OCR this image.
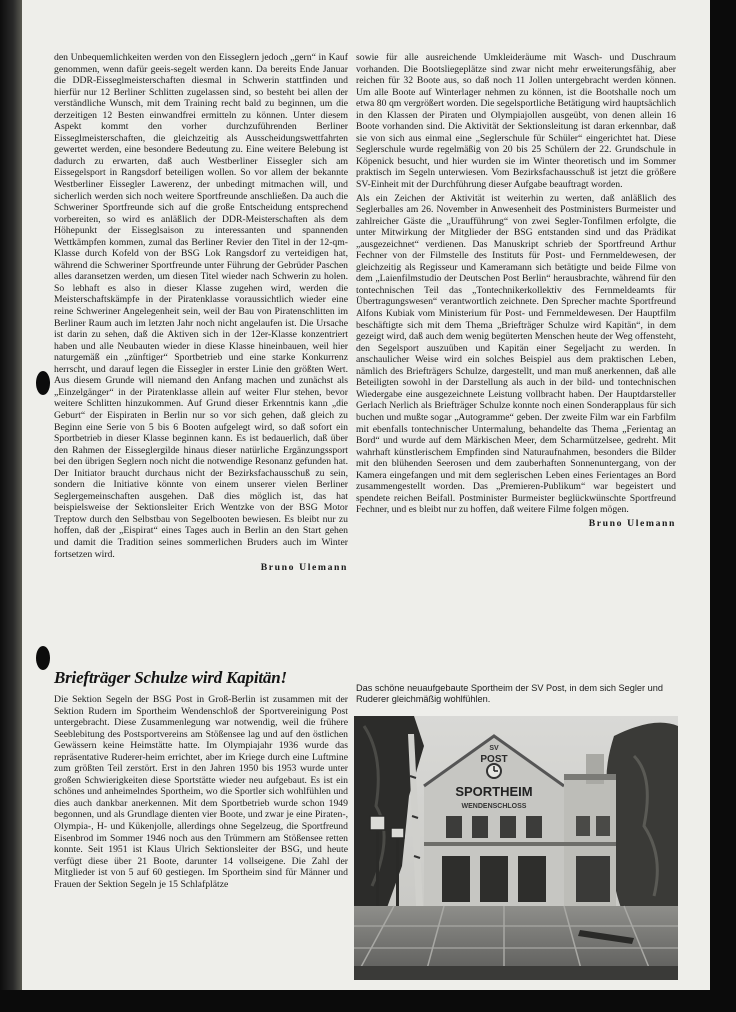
den Unbequemlichkeiten werden von den Eisseglern jedoch „gern“ in Kauf genommen, wenn dafür geeis-segelt werden kann. Da bereits Ende Januar die DDR-Eisseglmeisterschaften diesmal in Schwerin stattfinden und hierfür nur 12 Berliner Schlitten zugelassen sind, so besteht bei allen der verständliche Wunsch, mit dem Training recht bald zu beginnen, um die derzeitigen 12 Besten einwandfrei ermitteln zu können. Unter diesem Aspekt kommt den vorher durchzuführenden Berliner Eisseglmeisterschaften, die gleichzeitig als Ausscheidungswettfahrten gewertet werden, eine besondere Bedeutung zu. Eine weitere Belebung ist dadurch zu erwarten, daß auch Westberliner Eissegler sich am Eissegelsport in Rangsdorf beteiligen wollen. So vor allem der bekannte Westberliner Eissegler Lawerenz, der unbedingt mitmachen will, und sicherlich werden sich noch weitere Sportfreunde anschließen. Da auch die Schweriner Sportfreunde sich auf die große Entscheidung entsprechend vorbereiten, so wird es anläßlich der DDR-Meisterschaften als dem Höhepunkt der Eisseglsaison zu interessanten und spannenden Wettkämpfen kommen, zumal das Berliner Revier den Titel in der 12-qm-Klasse durch Kofeld von der BSG Lok Rangsdorf zu verteidigen hat, während die Schweriner Sportfreunde unter Führung der Gebrüder Paschen alles daransetzen werden, um diesen Titel wieder nach Schwerin zu holen. So lebhaft es also in dieser Klasse zugehen wird, werden die Meisterschaftskämpfe in der Piratenklasse voraussichtlich wieder eine reine Schweriner Angelegenheit sein, weil der Bau von Piratenschlitten im Berliner Raum auch im letzten Jahr noch nicht angelaufen ist. Die Ursache ist darin zu sehen, daß die Aktiven sich in der 12er-Klasse konzentriert haben und alle Neubauten wieder in diese Klasse hineinbauen, weil hier naturgemäß ein „zünftiger“ Sportbetrieb und eine starke Konkurrenz herrscht, und darauf legen die Eissegler in erster Linie den größten Wert. Aus diesem Grunde will niemand den Anfang machen und zunächst als „Einzelgänger“ in der Piratenklasse allein auf weiter Flur stehen, bevor weitere Schlitten hinzukommen. Auf Grund dieser Erkenntnis kann „die Geburt“ der Eispiraten in Berlin nur so vor sich gehen, daß gleich zu Beginn eine Serie von 5 bis 6 Booten aufgelegt wird, so daß sofort ein Sportbetrieb in dieser Klasse beginnen kann. Es ist bedauerlich, daß über den Rahmen der Eisseglergilde hinaus dieser natürliche Ergänzungssport bei den übrigen Seglern noch nicht die notwendige Resonanz gefunden hat. Der Initiator braucht durchaus nicht der Bezirksfachausschuß zu sein, sondern die Initiative könnte von einem unserer vielen Berliner Seglergemeinschaften ausgehen. Daß dies möglich ist, das hat beispielsweise der Sektionsleiter Erich Wentzke von der BSG Motor Treptow durch den Selbstbau von Segelbooten bewiesen. Es bleibt nur zu hoffen, daß der „Eispirat“ eines Tages auch in Berlin an den Start gehen und damit die Tradition seines sommerlichen Bruders auch im Winter fortsetzen wird.

Bruno Ulemann
Briefträger Schulze wird Kapitän!

Die Sektion Segeln der BSG Post in Groß-Berlin ist zusammen mit der Sektion Rudern im Sportheim Wendenschloß der Sportvereinigung Post untergebracht. Diese Zusammenlegung war notwendig, weil die frühere Seeblebitung des Postsportvereins am Stößensee lag und auf den östlichen Gewässern keine Heimstätte hatte. Im Olympiajahr 1936 wurde das repräsentative Ruderer-heim errichtet, aber im Kriege durch eine Luftmine zum größten Teil zerstört. Erst in den Jahren 1950 bis 1953 wurde unter großen Schwierigkeiten diese Sportstätte wieder neu aufgebaut. Es ist ein schönes und anheimelndes Sportheim, wo die Sportler sich wohlfühlen und dies auch dankbar anerkennen. Mit dem Sportbetrieb wurde schon 1949 begonnen, und als Grundlage dienten vier Boote, und zwar je eine Piraten-, Olympia-, H- und Kükenjolle, allerdings ohne Segelzeug, die Sportfreund Eisenbrod im Sommer 1946 noch aus den Trümmern am Stößensee retten konnte. Seit 1951 ist Klaus Ulrich Sektionsleiter der BSG, und heute verfügt diese über 21 Boote, darunter 14 vollseigene. Die Zahl der Mitglieder ist von 5 auf 60 gestiegen. Im Sportheim sind für Männer und Frauen der Sektion Segeln je 15 Schlafplätze

sowie für alle ausreichende Umkleideräume mit Wasch- und Duschraum vorhanden. Die Bootsliegeplätze sind zwar nicht mehr erweiterungsfähig, aber reichen für 32 Boote aus, so daß noch 11 Jollen untergebracht werden können. Um alle Boote auf Winterlager nehmen zu können, ist die Bootshalle noch um etwa 80 qm vergrößert worden. Die segelsportliche Betätigung wird hauptsächlich in den Klassen der Piraten und Olympiajollen ausgeübt, von denen allein 16 Boote vorhanden sind. Die Aktivität der Sektionsleitung ist daran erkennbar, daß sie von sich aus einmal eine „Seglerschule für Schüler“ eingerichtet hat. Diese Seglerschule wurde regelmäßig von 20 bis 25 Schülern der 22. Grundschule in Köpenick besucht, und hier wurden sie im Winter theoretisch und im Sommer praktisch im Segeln unterwiesen. Vom Bezirksfachausschuß ist jetzt die größere SV-Einheit mit der Durchführung dieser Aufgabe beauftragt worden.

Als ein Zeichen der Aktivität ist weiterhin zu werten, daß anläßlich des Seglerballes am 26. November in Anwesenheit des Postministers Burmeister und zahlreicher Gäste die „Uraufführung“ von zwei Segler-Tonfilmen erfolgte, die unter Mitwirkung der Mitglieder der BSG entstanden sind und das Prädikat „ausgezeichnet“ verdienen. Das Manuskript schrieb der Sportfreund Arthur Fechner von der Filmstelle des Instituts für Post- und Fernmeldewesen, der gleichzeitig als Regisseur und Kameramann sich betätigte und beide Filme von dem „Laienfilmstudio der Deutschen Post Berlin“ herausbrachte, während für den tontechnischen Teil das „Tontechnikerkollektiv des Fernmeldeamts für Übertragungswesen“ verantwortlich zeichnete. Den Sprecher machte Sportfreund Alfons Kubiak vom Ministerium für Post- und Fernmeldewesen. Der Hauptfilm beschäftigte sich mit dem Thema „Briefträger Schulze wird Kapitän“, in dem gezeigt wird, daß auch dem wenig begüterten Menschen heute der Weg offensteht, den Segelsport auszuüben und Kapitän einer Segeljacht zu werden. In anschaulicher Weise wird ein solches Beispiel aus dem praktischen Leben, nämlich des Briefträgers Schulze, dargestellt, und man muß anerkennen, daß alle Beteiligten sowohl in der Darstellung als auch in der bild- und tontechnischen Wiedergabe eine ausgezeichnete Leistung vollbracht haben. Der Hauptdarsteller Gerlach Nerlich als Briefträger Schulze konnte noch einen Sonderapplaus für sich buchen und mußte sogar „Autogramme“ geben. Der zweite Film war ein Farbfilm mit ebenfalls tontechnischer Untermalung, behandelte das Thema „Ferientag an Bord“ und wurde auf dem Märkischen Meer, dem Scharmützelsee, gedreht. Mit wahrhaft künstlerischem Empfinden sind Naturaufnahmen, besonders die Bilder mit den blühenden Seerosen und dem zauberhaften Sonnenuntergang, von der Kamera eingefangen und mit dem seglerischen Leben eines Ferientages an Bord zusammengestellt worden. Das „Premieren-Publikum“ war begeistert und spendete reichen Beifall. Postminister Burmeister beglückwünschte Sportfreund Fechner, und es bleibt nur zu hoffen, daß weitere Filme folgen mögen.

Bruno Ulemann
Das schöne neuaufgebaute Sportheim der SV Post, in dem sich Segler und Ruderer gleichmäßig wohlfühlen.
SV
POST
SPORTHEIM
WENDENSCHLOSS
